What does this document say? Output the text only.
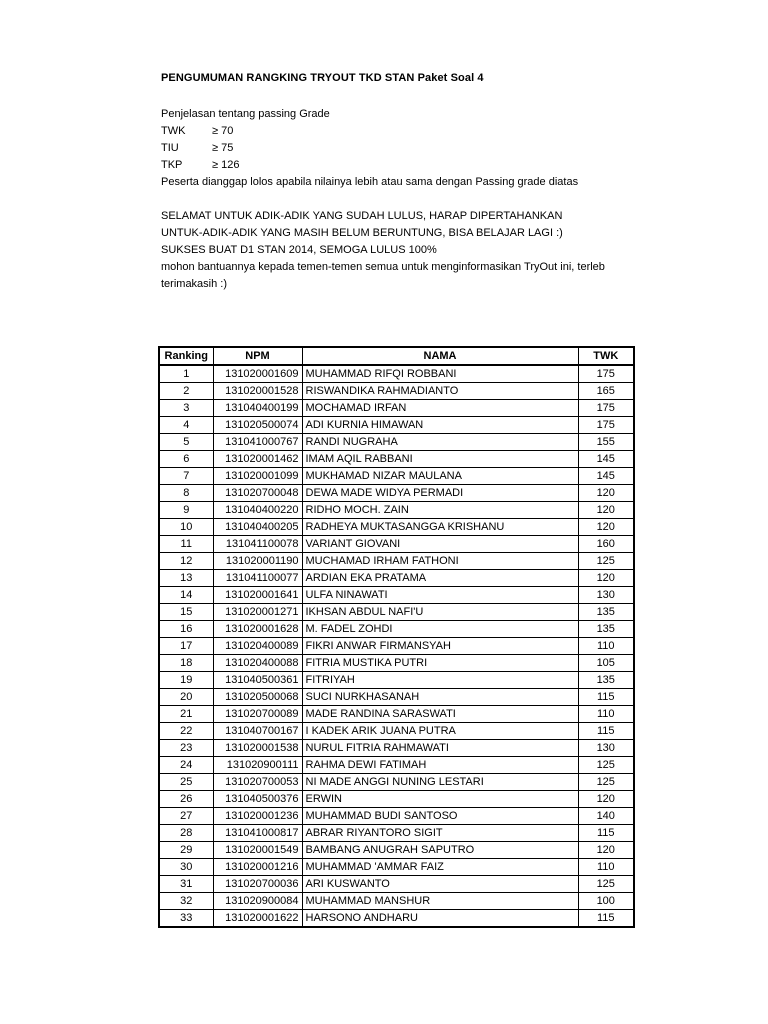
PENGUMUMAN RANGKING TRYOUT TKD STAN Paket Soal 4
Penjelasan tentang passing Grade
TWK	≥ 70
TIU	≥ 75
TKP	≥ 126
Peserta dianggap lolos apabila nilainya lebih atau sama dengan Passing grade diatas
SELAMAT UNTUK ADIK-ADIK YANG SUDAH LULUS, HARAP DIPERTAHANKAN
UNTUK-ADIK-ADIK YANG MASIH BELUM BERUNTUNG, BISA BELAJAR LAGI :)
SUKSES BUAT D1 STAN 2014, SEMOGA LULUS 100%
mohon bantuannya kepada temen-temen semua untuk menginformasikan TryOut ini, terleb
terimakasih :)
Ranking	NPM	NAMA	TWK
1	131020001609	MUHAMMAD RIFQI ROBBANI	175
2	131020001528	RISWANDIKA RAHMADIANTO	165
3	131040400199	MOCHAMAD IRFAN	175
4	131020500074	ADI KURNIA HIMAWAN	175
5	131041000767	RANDI NUGRAHA	155
6	131020001462	IMAM AQIL RABBANI	145
7	131020001099	MUKHAMAD NIZAR MAULANA	145
8	131020700048	DEWA MADE WIDYA PERMADI	120
9	131040400220	RIDHO MOCH. ZAIN	120
10	131040400205	RADHEYA MUKTASANGGA KRISHANU	120
11	131041100078	VARIANT GIOVANI	160
12	131020001190	MUCHAMAD IRHAM FATHONI	125
13	131041100077	ARDIAN EKA PRATAMA	120
14	131020001641	ULFA NINAWATI	130
15	131020001271	IKHSAN ABDUL NAFI'U	135
16	131020001628	M. FADEL ZOHDI	135
17	131020400089	FIKRI ANWAR FIRMANSYAH	110
18	131020400088	FITRIA MUSTIKA PUTRI	105
19	131040500361	FITRIYAH	135
20	131020500068	SUCI NURKHASANAH	115
21	131020700089	MADE RANDINA SARASWATI	110
22	131040700167	I KADEK ARIK JUANA PUTRA	115
23	131020001538	NURUL FITRIA RAHMAWATI	130
24	131020900111	RAHMA DEWI FATIMAH	125
25	131020700053	NI MADE ANGGI NUNING LESTARI	125
26	131040500376	ERWIN	120
27	131020001236	MUHAMMAD BUDI SANTOSO	140
28	131041000817	ABRAR RIYANTORO SIGIT	115
29	131020001549	BAMBANG ANUGRAH SAPUTRO	120
30	131020001216	MUHAMMAD 'AMMAR FAIZ	110
31	131020700036	ARI KUSWANTO	125
32	131020900084	MUHAMMAD MANSHUR	100
33	131020001622	HARSONO ANDHARU	115
